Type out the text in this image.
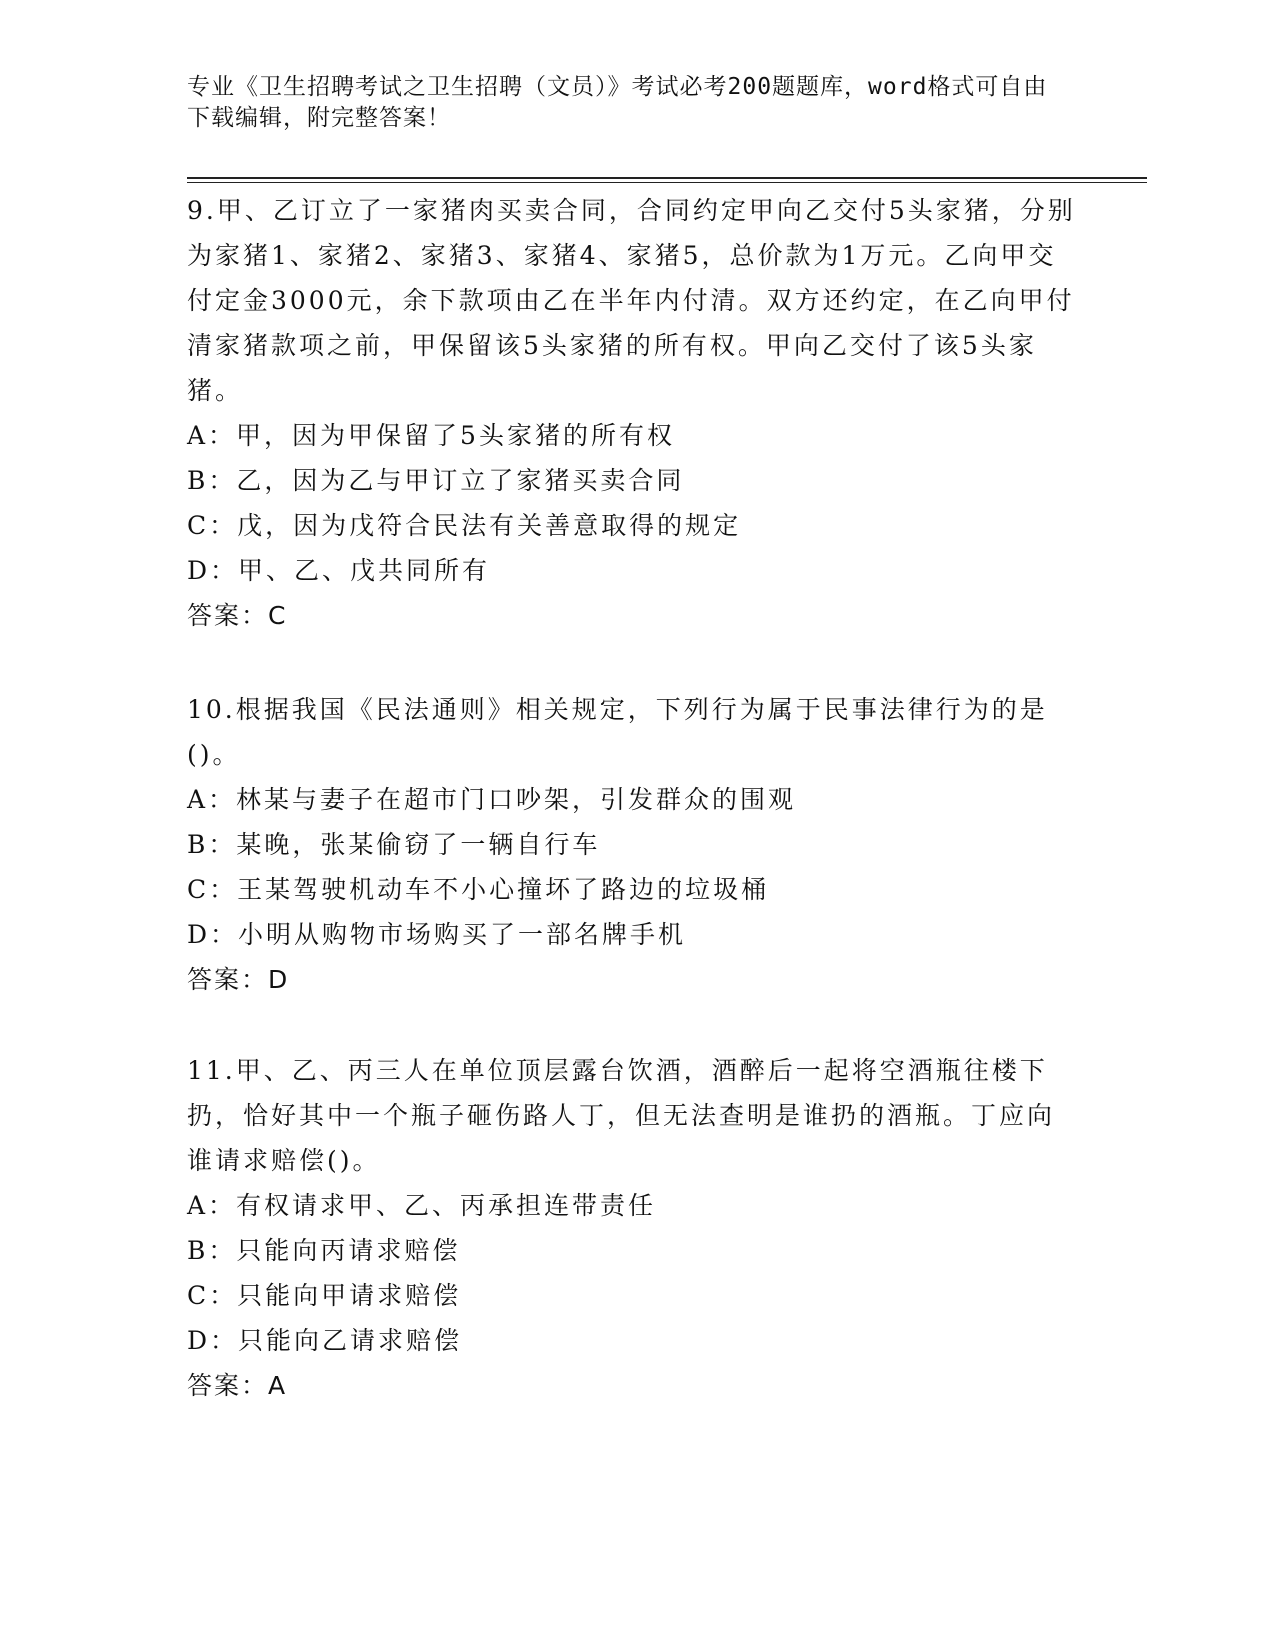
专业《卫生招聘考试之卫生招聘（文员）》考试必考200题题库，word格式可自由下载编辑，附完整答案！
9.甲、乙订立了一家猪肉买卖合同，合同约定甲向乙交付5头家猪，分别为家猪1、家猪2、家猪3、家猪4、家猪5，总价款为1万元。乙向甲交付定金3000元，余下款项由乙在半年内付清。双方还约定，在乙向甲付清家猪款项之前，甲保留该5头家猪的所有权。甲向乙交付了该5头家猪。
A：甲，因为甲保留了5头家猪的所有权
B：乙，因为乙与甲订立了家猪买卖合同
C：戊，因为戊符合民法有关善意取得的规定
D：甲、乙、戊共同所有
答案：C
10.根据我国《民法通则》相关规定，下列行为属于民事法律行为的是()。
A：林某与妻子在超市门口吵架，引发群众的围观
B：某晚，张某偷窃了一辆自行车
C：王某驾驶机动车不小心撞坏了路边的垃圾桶
D：小明从购物市场购买了一部名牌手机
答案：D
11.甲、乙、丙三人在单位顶层露台饮酒，酒醉后一起将空酒瓶往楼下扔，恰好其中一个瓶子砸伤路人丁，但无法查明是谁扔的酒瓶。丁应向谁请求赔偿()。
A：有权请求甲、乙、丙承担连带责任
B：只能向丙请求赔偿
C：只能向甲请求赔偿
D：只能向乙请求赔偿
答案：A
